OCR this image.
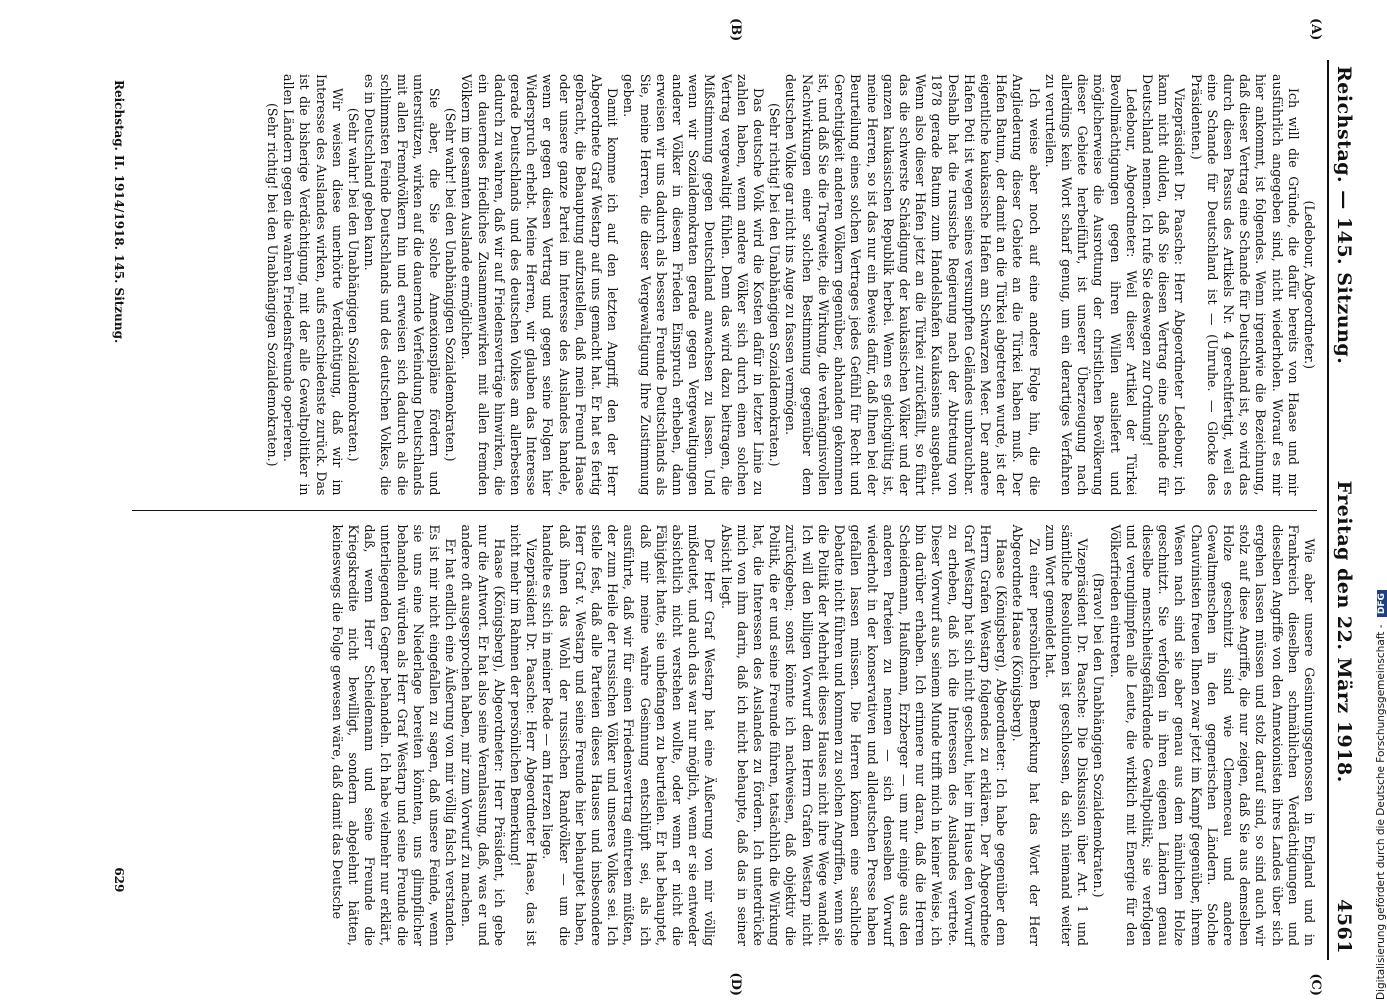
Reichstag. — 145. Sitzung.
Freitag den 22. März 1918.
4561

(Ledebour, Abgeordneter.)

Ich will die Gründe, die dafür bereits von Haase und mir ausführlich angegeben sind, nicht wiederholen. Worauf es mir hier ankommt, ist folgendes. Wenn irgendwie die Bezeichnung, daß dieser Vertrag eine Schande für Deutschland ist, so wird das durch diesen Passus des Artikels Nr. 4 gerechtfertigt, weil es eine Schande für Deutschland ist — (Unruhe. — Glocke des Präsidenten.)

Vizepräsident Dr. Paasche: Herr Abgeordneter Ledebour, ich kann nicht dulden, daß Sie diesen Vertrag eine Schande für Deutschland nennen. Ich rufe Sie deswegen zur Ordnung!

Ledebour, Abgeordneter: Weil dieser Artikel der Türkei Bevollmächtigungen gegen ihren Willen ausliefert und möglicherweise die Ausrottung der christlichen Bevölkerung dieser Gebiete herbeiführt, ist unserer Überzeugung nach allerdings kein Wort scharf genug, um ein derartiges Verfahren zu verurteilen.

Ich weise aber noch auf eine andere Folge hin, die die Angliederung dieser Gebiete an die Türkei haben muß. Der Hafen Batum, der damit an die Türkei abgetreten wurde, ist der eigentliche kaukasische Hafen am Schwarzen Meer. Der andere Hafen Poti ist wegen seines versumpften Geländes unbrauchbar. Deshalb hat die russische Regierung nach der Abtretung von 1878 gerade Batum zum Handelshafen Kaukasiens ausgebaut. Wenn also dieser Hafen jetzt an die Türkei zurückfällt, so führt das die schwerste Schädigung der kaukasischen Völker und der ganzen kaukasischen Republik herbei. Wenn es gleichgültig ist, meine Herren, so ist das nur ein Beweis dafür, daß Ihnen bei der Beurteilung eines solchen Vertrages jedes Gefühl für Recht und Gerechtigkeit anderen Völkern gegenüber, abhanden gekommen ist, und daß Sie die Tragweite, die Wirkung, die verhängnisvollen Nachwirkungen einer solchen Bestimmung gegenüber dem deutschen Volke gar nicht ins Auge zu fassen vermögen.

(Sehr richtig! bei den Unabhängigen Sozialdemokraten.)

Das deutsche Volk wird die Kosten dafür in letzter Linie zu zahlen haben, wenn andere Völker sich durch einen solchen Vertrag vergewaltigt fühlen. Denn das wird dazu beitragen, die Mißstimmung gegen Deutschland anwachsen zu lassen. Und wenn wir Sozialdemokraten gerade gegen Vergewaltigungen anderer Völker in diesem Frieden Einspruch erheben, dann erweisen wir uns dadurch als bessere Freunde Deutschlands als Sie, meine Herren, die dieser Vergewaltigung Ihre Zustimmung geben.

Damit komme ich auf den letzten Angriff, den der Herr Abgeordnete Graf Westarp auf uns gemacht hat. Er hat es fertig gebracht, die Behauptung aufzustellen, daß mein Freund Haase oder unsere ganze Partei im Interesse des Auslandes handele, wenn er gegen diesen Vertrag und gegen seine Folgen hier Widerspruch erhebt. Meine Herren, wir glauben das Interesse gerade Deutschlands und des deutschen Volkes am allerbesten dadurch zu wahren, daß wir auf Friedensverträge hinwirken, die ein dauerndes friedliches Zusammenwirken mit allen fremden Völkern im gesamten Auslande ermöglichen.

(Sehr wahr! bei den Unabhängigen Sozialdemokraten.)

Sie aber, die Sie solche Annexionspläne fördern und unterstützen, wirken auf die dauernde Verfeindung Deutschlands mit allen Fremdvölkern hin und erweisen sich dadurch als die schlimmsten Feinde Deutschlands und des deutschen Volkes, die es in Deutschland geben kann.

(Sehr wahr! bei den Unabhängigen Sozialdemokraten.)

Wir weisen diese unerhörte Verdächtigung, daß wir im Interesse des Auslandes wirken, aufs entschiedenste zurück. Das ist die bisherige Verdächtigung, mit der alle Gewaltpolitiker in allen Ländern gegen die wahren Friedensfreunde operieren.

(Sehr richtig! bei den Unabhängigen Sozialdemokraten.)

Wie aber unsere Gesinnungsgenossen in England und in Frankreich dieselben schmählichen Verdächtigungen und dieselben Angriffe von den Annexionisten ihres Landes über sich ergehen lassen müssen und stolz darauf sind, so sind auch wir stolz auf diese Angriffe, die nur zeigen, daß Sie aus demselben Holze geschnitzt sind wie Clemenceau und andere Gewaltmenschen in den gegnerischen Ländern. Solche Chauvinisten freuen Ihnen zwar jetzt im Kampf gegenüber, ihrem Wesen nach sind sie aber genau aus dem nämlichen Holze geschnitzt. Sie verfolgen in ihren eigenen Ländern genau dieselbe menschheitsgefährdende Gewaltpolitik; sie verfolgen und verunglimpfen alle Leute, die wirklich mit Energie für den Völkerfrieden eintreten.

(Bravo! bei den Unabhängigen Sozialdemokraten.)

Vizepräsident Dr. Paasche: Die Diskussion über Art. 1 und sämtliche Resolutionen ist geschlossen, da sich niemand weiter zum Wort gemeldet hat.

Zu einer persönlichen Bemerkung hat das Wort der Herr Abgeordnete Haase (Königsberg).

Haase (Königsberg), Abgeordneter: Ich habe gegenüber dem Herrn Grafen Westarp folgendes zu erklären. Der Abgeordnete Graf Westarp hat sich nicht gescheut, hier im Hause den Vorwurf zu erheben, daß ich die Interessen des Auslandes vertrete. Dieser Vorwurf aus seinem Munde trifft mich in keiner Weise, ich bin darüber erhaben. Ich erinnere nur daran, daß die Herren Scheidemann, Haußmann, Erzberger — um nur einige aus den anderen Parteien zu nennen — sich denselben Vorwurf wiederholt in der konservativen und alldeutschen Presse haben gefallen lassen müssen. Die Herren können eine sachliche Debatte nicht führen und kommen zu solchen Angriffen, wenn sie die Politik der Mehrheit dieses Hauses nicht ihre Wege wandelt. Ich will den billigen Vorwurf dem Herrn Grafen Westarp nicht zurückgeben; sonst könnte ich nachweisen, daß objektiv die Politik, die er und seine Freunde führen, tatsächlich die Wirkung hat, die Interessen des Auslandes zu fördern. Ich unterdrücke mich von ihm darin, daß ich nicht behaupte, daß das in seiner Absicht liegt.

Der Herr Graf Westarp hat eine Äußerung von mir völlig mißdeutet, und auch das war nur möglich, wenn er sie entweder absichtlich nicht verstehen wollte, oder wenn er nicht die Fähigkeit hatte, sie unbefangen zu beurteilen. Er hat behauptet, daß mir meine wahre Gesinnung entschlüpft sei, als ich ausführte, daß wir für einen Friedensvertrag eintreten müßten, der zum Heile der russischen Völker und unseres Volkes sei. Ich stelle fest, daß alle Parteien dieses Hauses und insbesondere Herr Graf v. Westarp und seine Freunde hier behauptet haben, daß ihnen das Wohl der russischen Randvölker — um die handelte es sich in meiner Rede — am Herzen liege.

Vizepräsident Dr. Paasche: Herr Abgeordneter Haase, das ist nicht mehr im Rahmen der persönlichen Bemerkung!

Haase (Königsberg), Abgeordneter: Herr Präsident, ich gebe nur die Antwort. Er hat also seine Veranlassung, daß, was er und andere oft ausgesprochen haben, mir zum Vorwurf zu machen.

Er hat endlich eine Äußerung von mir völlig falsch verstanden. Es ist mir nicht eingefallen zu sagen, daß unsere Feinde, wenn sie uns eine Niederlage bereiten könnten, uns glimpflicher behandeln würden als Herr Graf Westarp und seine Freunde die unterliegenden Gegner behandeln. Ich habe vielmehr nur erklärt, daß, wenn Herr Scheidemann und seine Freunde die Kriegskredite nicht bewilligt, sondern abgelehnt hätten, keineswegs die Folge gewesen wäre, daß damit das Deutsche

Reichstag. II. 1914/1918. 145. Sitzung. 629
(A)
(B)
(C)
(D)	Digitalisierung gefördert durch die Deutsche Forschungsgemeinschaft - DFG
